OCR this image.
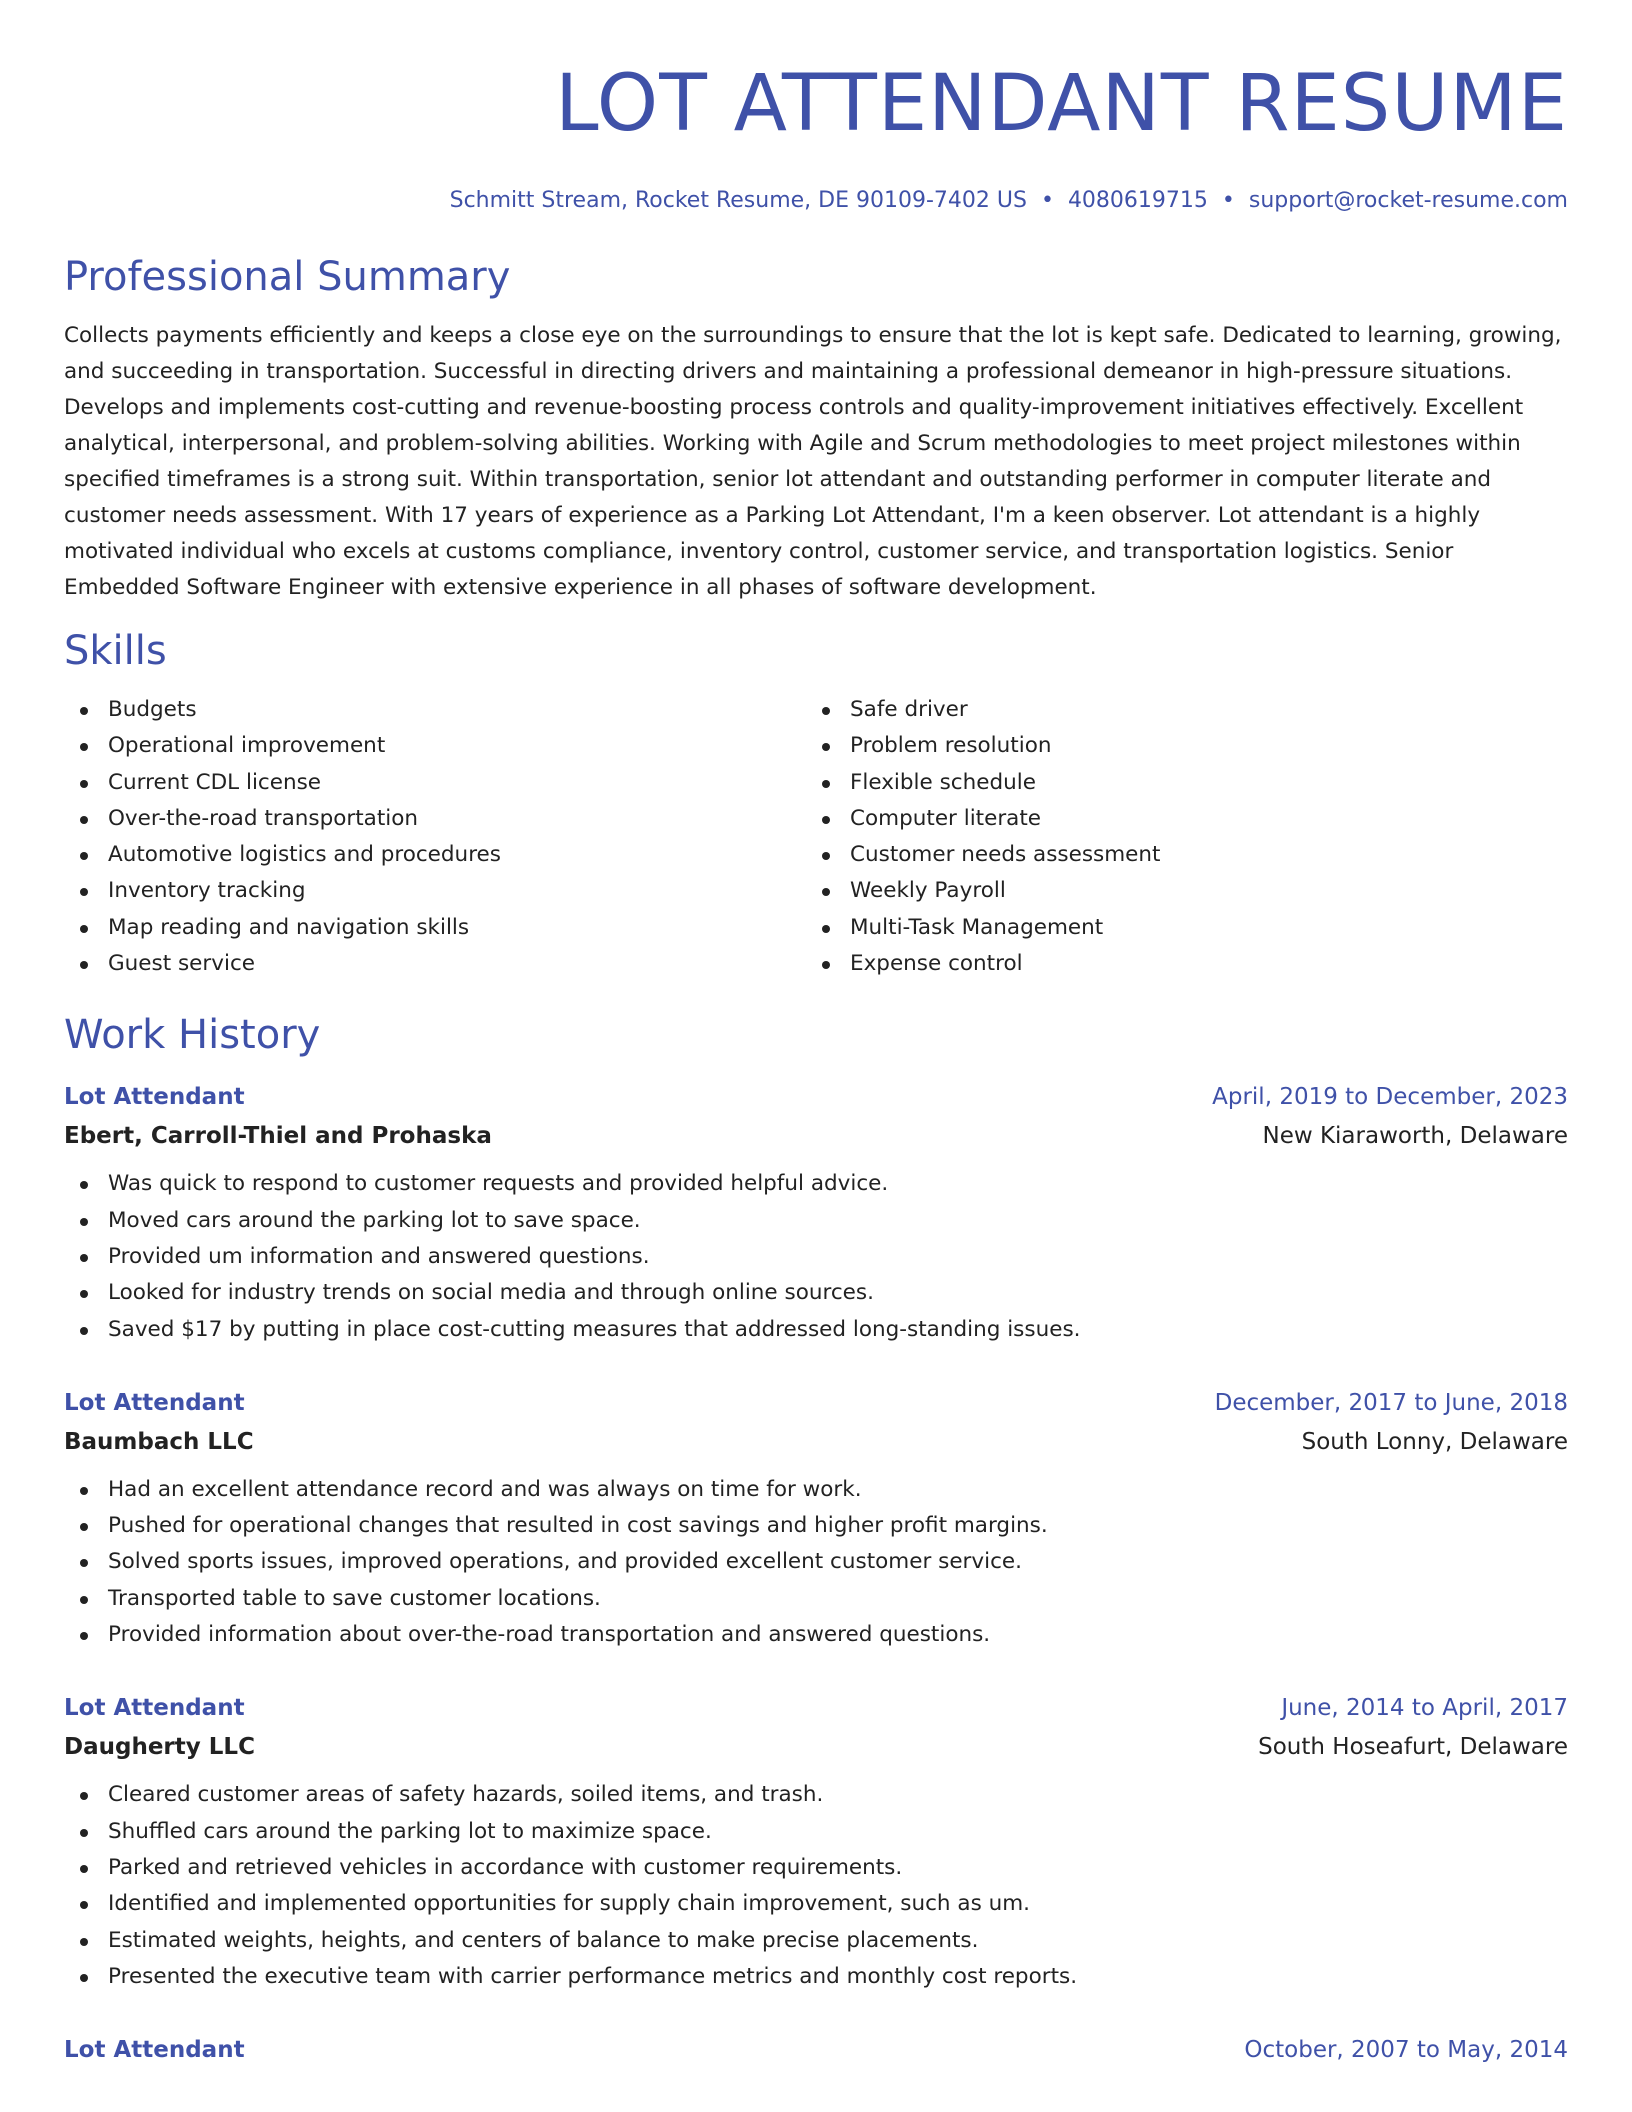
LOT ATTENDANT RESUME
Schmitt Stream, Rocket Resume, DE 90109-7402 US • 4080619715 • support@rocket-resume.com
Professional Summary

Collects payments efficiently and keeps a close eye on the surroundings to ensure that the lot is kept safe. Dedicated to learning, growing, and succeeding in transportation. Successful in directing drivers and maintaining a professional demeanor in high-pressure situations. Develops and implements cost-cutting and revenue-boosting process controls and quality-improvement initiatives effectively. Excellent analytical, interpersonal, and problem-solving abilities. Working with Agile and Scrum methodologies to meet project milestones within specified timeframes is a strong suit. Within transportation, senior lot attendant and outstanding performer in computer literate and customer needs assessment. With 17 years of experience as a Parking Lot Attendant, I'm a keen observer. Lot attendant is a highly motivated individual who excels at customs compliance, inventory control, customer service, and transportation logistics. Senior Embedded Software Engineer with extensive experience in all phases of software development.

Skills
Budgets
Operational improvement
Current CDL license
Over-the-road transportation
Automotive logistics and procedures
Inventory tracking
Map reading and navigation skills
Guest service
Safe driver
Problem resolution
Flexible schedule
Computer literate
Customer needs assessment
Weekly Payroll
Multi-Task Management
Expense control
Work History
Lot Attendant	April, 2019 to December, 2023
Ebert, Carroll-Thiel and Prohaska	New Kiaraworth, Delaware
Was quick to respond to customer requests and provided helpful advice.
Moved cars around the parking lot to save space.
Provided um information and answered questions.
Looked for industry trends on social media and through online sources.
Saved $17 by putting in place cost-cutting measures that addressed long-standing issues.
Lot Attendant	December, 2017 to June, 2018
Baumbach LLC	South Lonny, Delaware
Had an excellent attendance record and was always on time for work.
Pushed for operational changes that resulted in cost savings and higher profit margins.
Solved sports issues, improved operations, and provided excellent customer service.
Transported table to save customer locations.
Provided information about over-the-road transportation and answered questions.
Lot Attendant	June, 2014 to April, 2017
Daugherty LLC	South Hoseafurt, Delaware
Cleared customer areas of safety hazards, soiled items, and trash.
Shuffled cars around the parking lot to maximize space.
Parked and retrieved vehicles in accordance with customer requirements.
Identified and implemented opportunities for supply chain improvement, such as um.
Estimated weights, heights, and centers of balance to make precise placements.
Presented the executive team with carrier performance metrics and monthly cost reports.
Lot Attendant	October, 2007 to May, 2014
